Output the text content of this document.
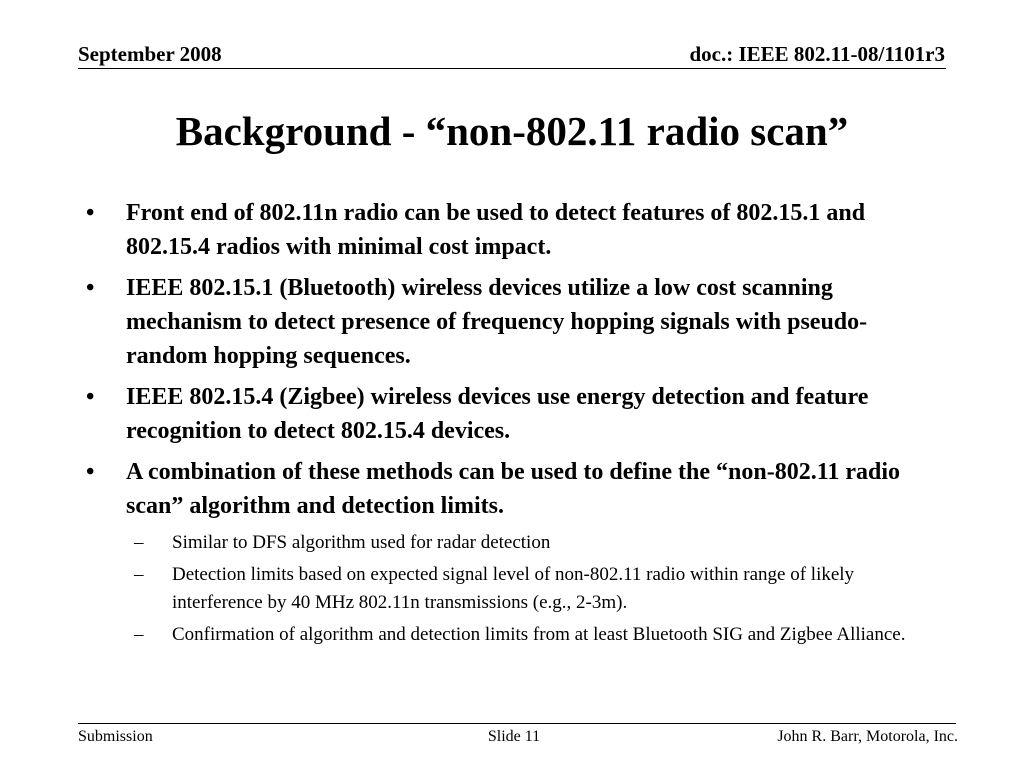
September 2008	doc.: IEEE 802.11-08/1101r3
Background - “non-802.11 radio scan”
• Front end of 802.11n radio can be used to detect features of 802.15.1 and 802.15.4 radios with minimal cost impact.
• IEEE 802.15.1 (Bluetooth) wireless devices utilize a low cost scanning mechanism to detect presence of frequency hopping signals with pseudo-random hopping sequences.
• IEEE 802.15.4 (Zigbee) wireless devices use energy detection and feature recognition to detect 802.15.4 devices.
• A combination of these methods can be used to define the “non-802.11 radio scan” algorithm and detection limits.
– Similar to DFS algorithm used for radar detection
– Detection limits based on expected signal level of non-802.11 radio within range of likely interference by 40 MHz 802.11n transmissions (e.g., 2-3m).
– Confirmation of algorithm and detection limits from at least Bluetooth SIG and Zigbee Alliance.
Submission	Slide 11	John R. Barr, Motorola, Inc.
